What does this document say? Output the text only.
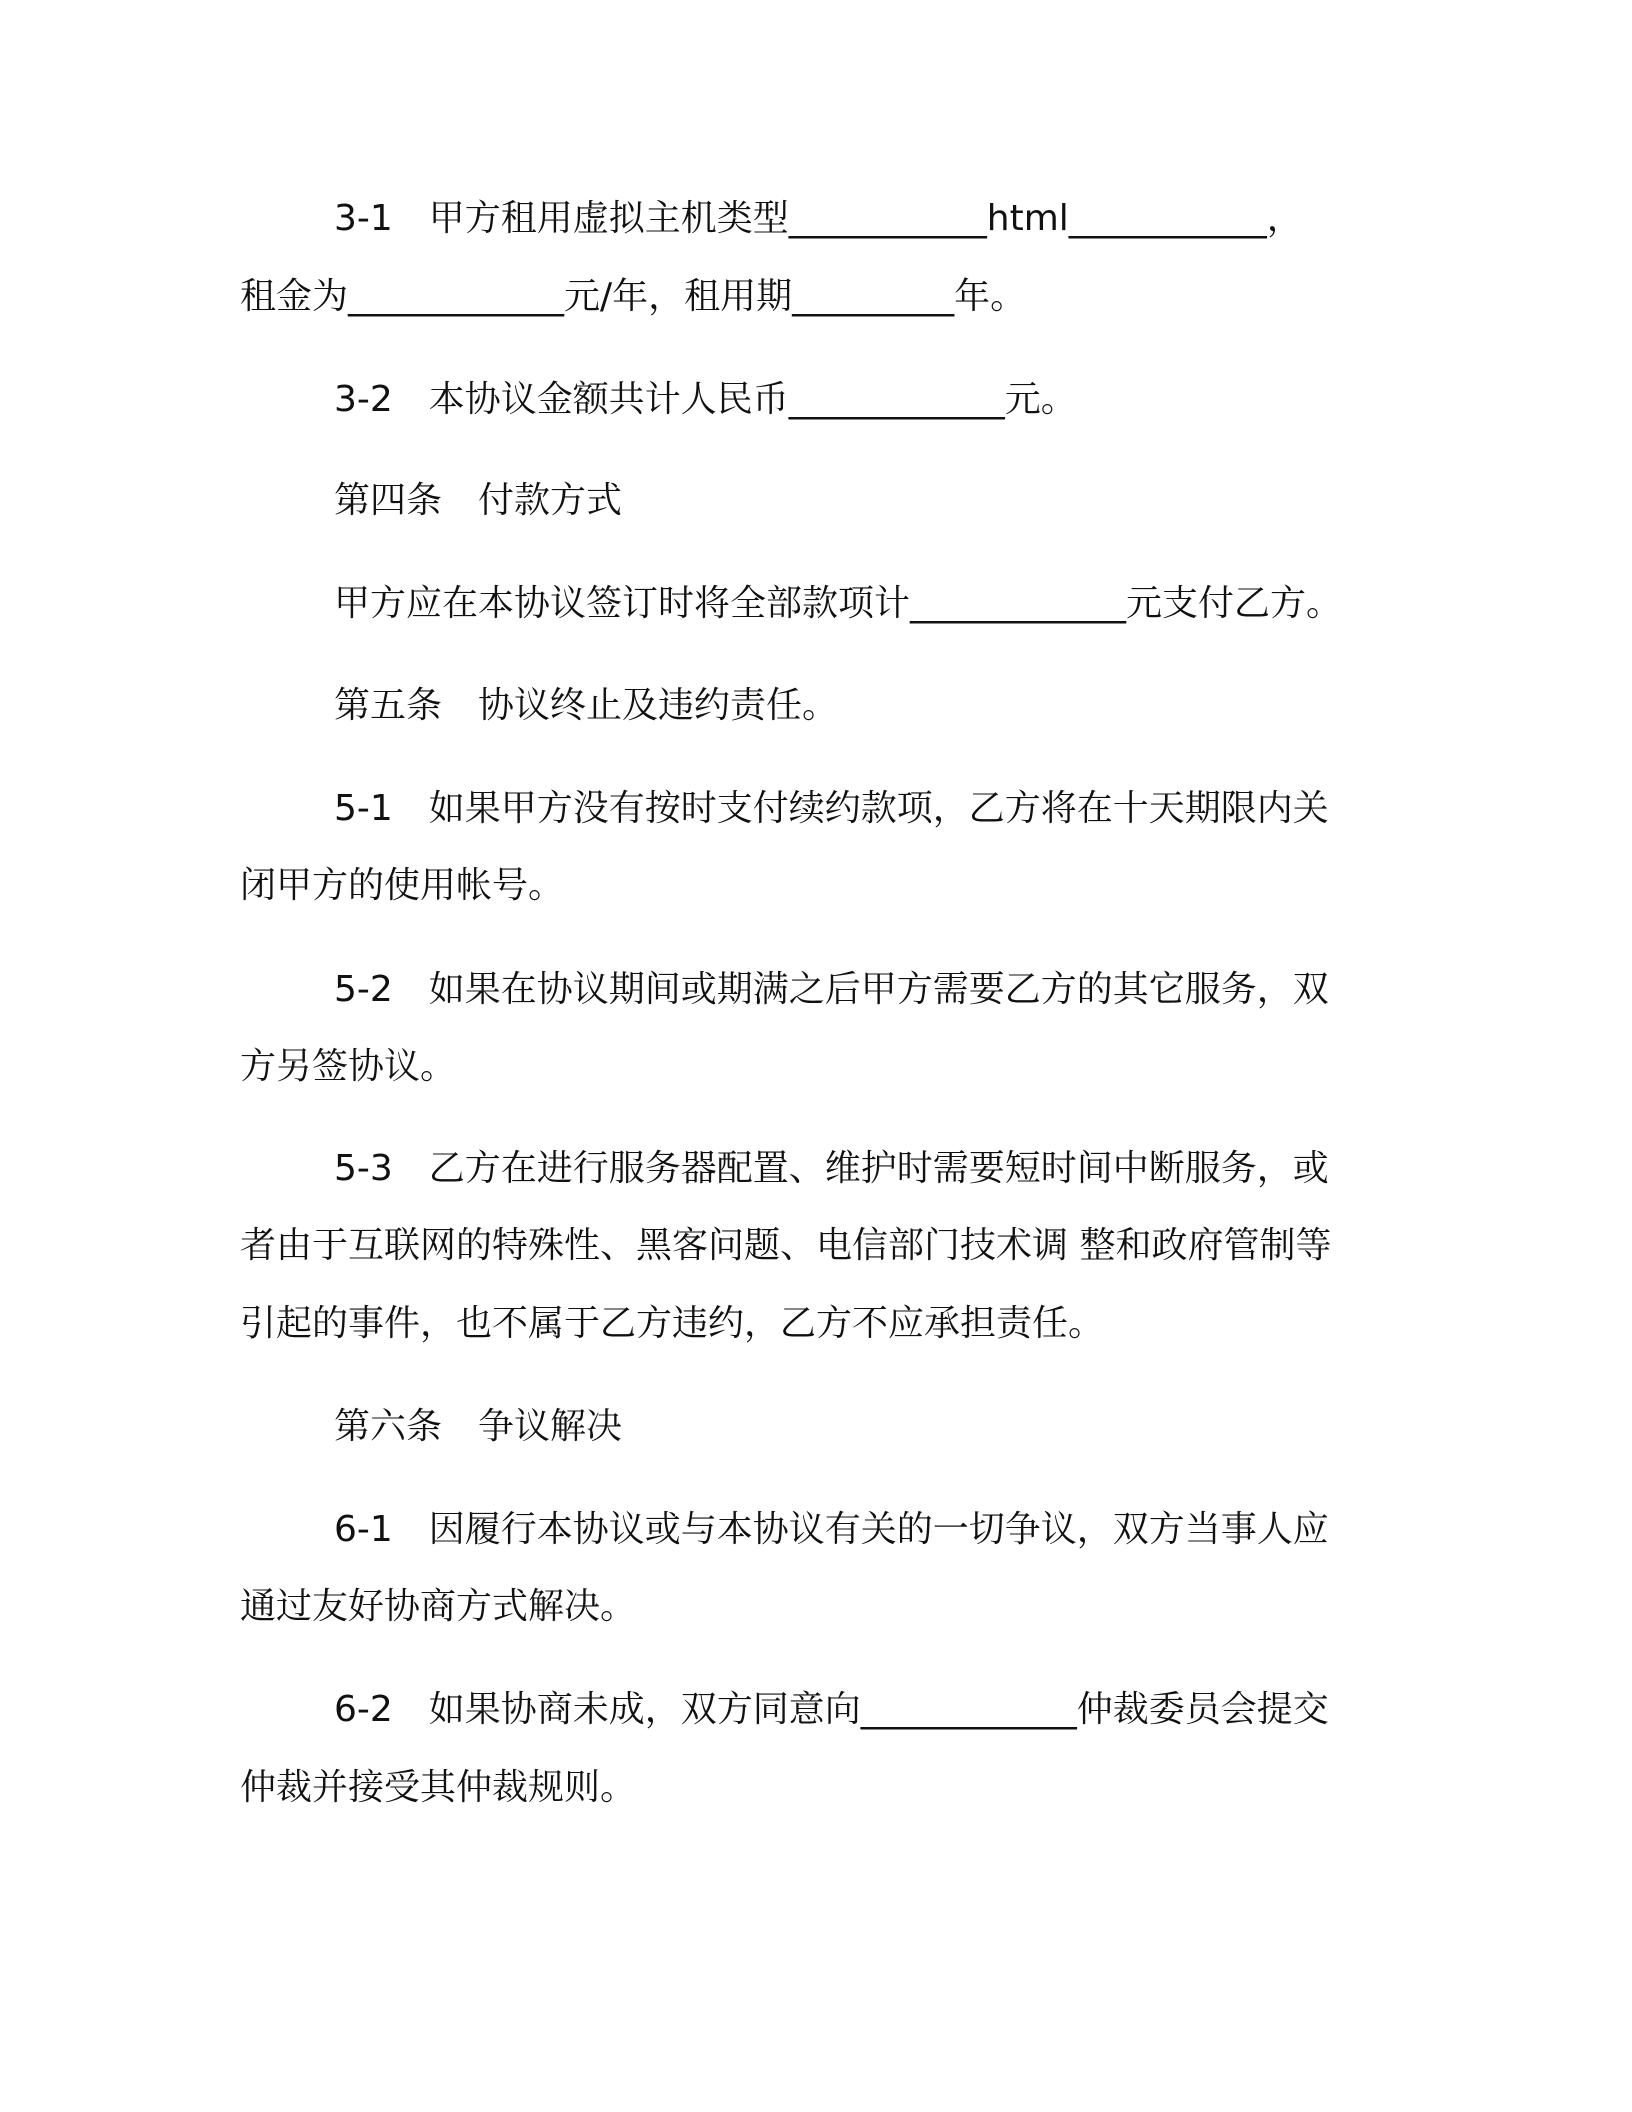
3-1　甲方租用虚拟主机类型___________html___________，
租金为____________元/年，租用期_________年。
3-2　本协议金额共计人民币____________元。
第四条　付款方式
甲方应在本协议签订时将全部款项计____________元支付乙方。
第五条　协议终止及违约责任。
5-1　如果甲方没有按时支付续约款项，乙方将在十天期限内关
闭甲方的使用帐号。
5-2　如果在协议期间或期满之后甲方需要乙方的其它服务，双
方另签协议。
5-3　乙方在进行服务器配置、维护时需要短时间中断服务，或
者由于互联网的特殊性、黑客问题、电信部门技术调 整和政府管制等
引起的事件，也不属于乙方违约，乙方不应承担责任。
第六条　争议解决
6-1　因履行本协议或与本协议有关的一切争议，双方当事人应
通过友好协商方式解决。
6-2　如果协商未成，双方同意向____________仲裁委员会提交
仲裁并接受其仲裁规则。
